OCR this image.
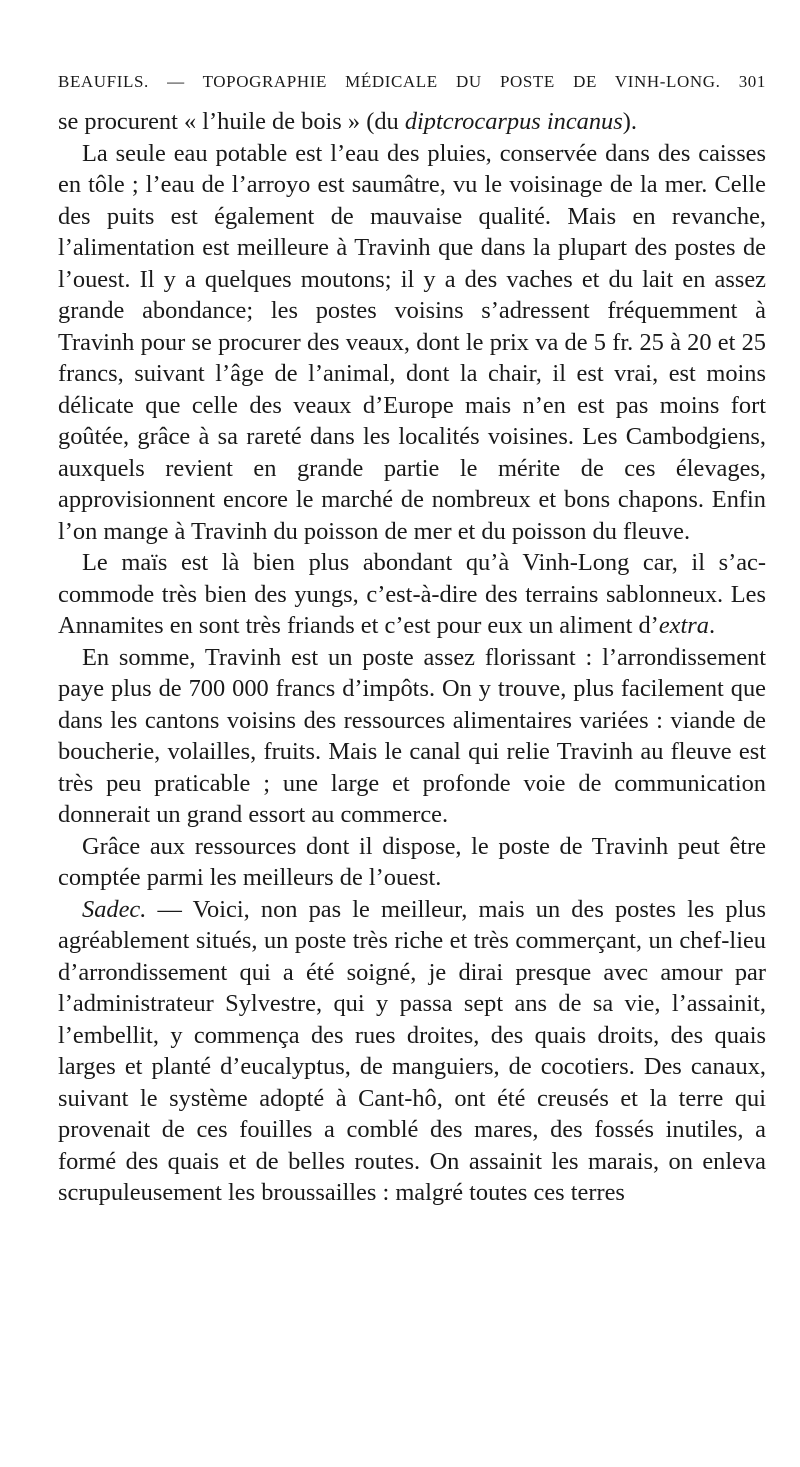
BEAUFILS. — TOPOGRAPHIE MÉDICALE DU POSTE DE VINH-LONG. 301

se procurent « l’huile de bois » (du diptcrocarpus incanus).

La seule eau potable est l’eau des pluies, conservée dans des caisses en tôle ; l’eau de l’arroyo est saumâtre, vu le voisinage de la mer. Celle des puits est également de mauvaise qualité. Mais en revanche, l’alimentation est meilleure à Travinh que dans la plupart des postes de l’ouest. Il y a quelques moutons; il y a des vaches et du lait en assez grande abondance; les postes voisins s’adressent fréquemment à Travinh pour se procurer des veaux, dont le prix va de 5 fr. 25 à 20 et 25 francs, suivant l’âge de l’animal, dont la chair, il est vrai, est moins délicate que celle des veaux d’Europe mais n’en est pas moins fort goûtée, grâce à sa rareté dans les localités voisines. Les Cambodgiens, auxquels revient en grande partie le mérite de ces élevages, approvisionnent encore le marché de nombreux et bons chapons. Enfin l’on mange à Travinh du poisson de mer et du poisson du fleuve.

Le maïs est là bien plus abondant qu’à Vinh-Long car, il s’accommode très bien des yungs, c’est-à-dire des terrains sablonneux. Les Annamites en sont très friands et c’est pour eux un aliment d’extra.

En somme, Travinh est un poste assez florissant : l’arrondissement paye plus de 700 000 francs d’impôts. On y trouve, plus facilement que dans les cantons voisins des ressources alimentaires variées : viande de boucherie, volailles, fruits. Mais le canal qui relie Travinh au fleuve est très peu praticable ; une large et profonde voie de communication donnerait un grand essort au commerce.

Grâce aux ressources dont il dispose, le poste de Travinh peut être comptée parmi les meilleurs de l’ouest.

Sadec. — Voici, non pas le meilleur, mais un des postes les plus agréablement situés, un poste très riche et très commerçant, un chef-lieu d’arrondissement qui a été soigné, je dirai presque avec amour par l’administrateur Sylvestre, qui y passa sept ans de sa vie, l’assainit, l’embellit, y commença des rues droites, des quais droits, des quais larges et planté d’eucalyptus, de manguiers, de cocotiers. Des canaux, suivant le système adopté à Cant-hô, ont été creusés et la terre qui provenait de ces fouilles a comblé des mares, des fossés inutiles, a formé des quais et de belles routes. On assainit les marais, on enleva scrupuleusement les broussailles : malgré toutes ces terres
